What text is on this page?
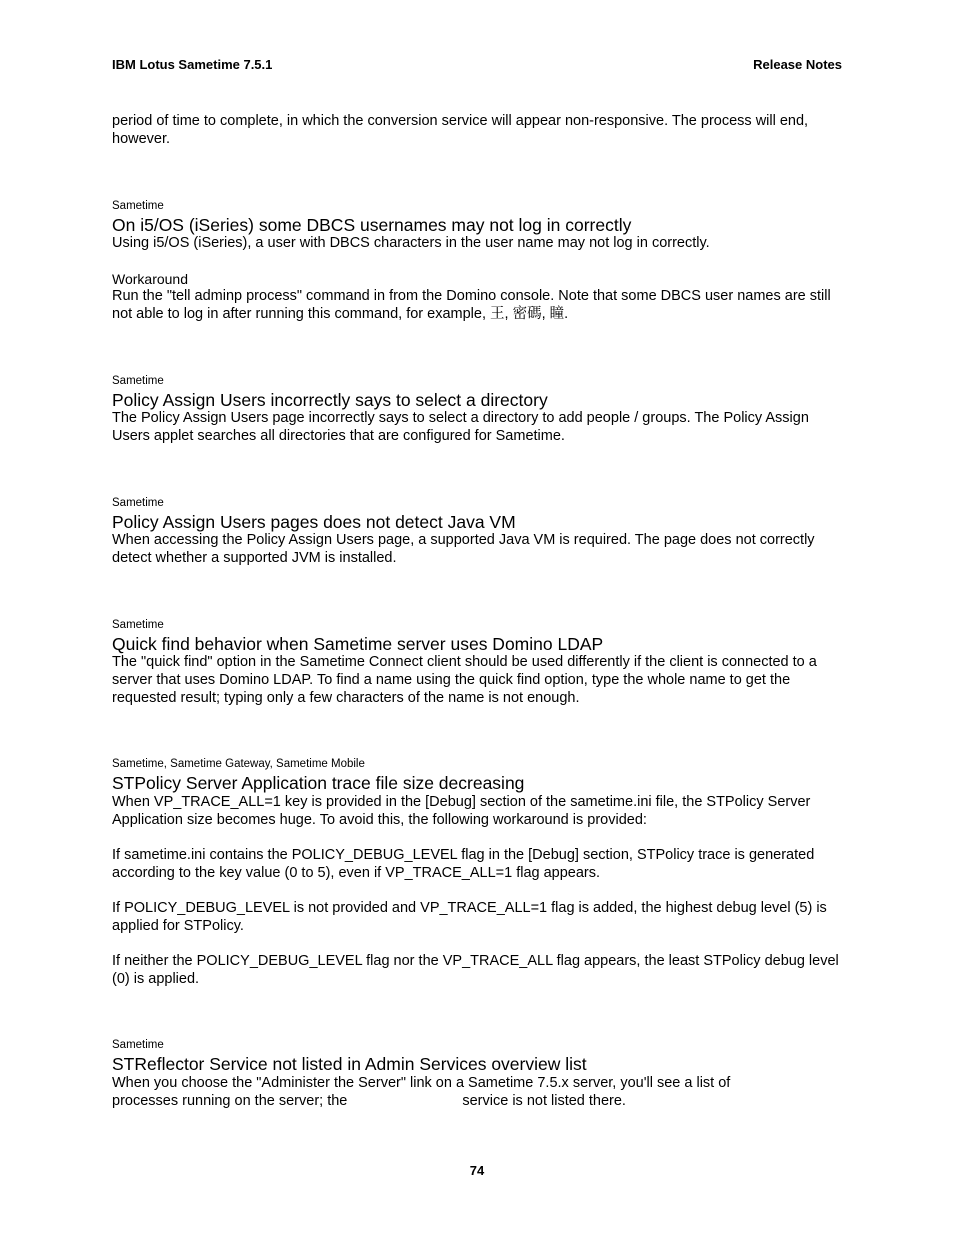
IBM Lotus Sametime 7.5.1	Release Notes

period of time to complete, in which the conversion service will appear non-responsive. The process will end, however.

Sametime
On i5/OS (iSeries) some DBCS usernames may not log in correctly

Using i5/OS (iSeries), a user with DBCS characters in the user name may not log in correctly.

Workaround

Run the "tell adminp process" command in from the Domino console. Note that some DBCS user names are still not able to log in after running this command, for example, 王, 密碼, 瞳.

Sametime
Policy Assign Users incorrectly says to select a directory

The Policy Assign Users page incorrectly says to select a directory to add people / groups. The Policy Assign Users applet searches all directories that are configured for Sametime.

Sametime
Policy Assign Users pages does not detect Java VM

When accessing the Policy Assign Users page, a supported Java VM is required. The page does not correctly detect whether a supported JVM is installed.

Sametime
Quick find behavior when Sametime server uses Domino LDAP

The "quick find" option in the Sametime Connect client should be used differently if the client is connected to a server that uses Domino LDAP. To find a name using the quick find option, type the whole name to get the requested result; typing only a few characters of the name is not enough.

Sametime, Sametime Gateway, Sametime Mobile
STPolicy Server Application trace file size decreasing

When VP_TRACE_ALL=1 key is provided in the [Debug] section of the sametime.ini file, the STPolicy Server Application size becomes huge. To avoid this, the following workaround is provided:

If sametime.ini contains the POLICY_DEBUG_LEVEL flag in the [Debug] section, STPolicy trace is generated according to the key value (0 to 5), even if VP_TRACE_ALL=1 flag appears.

If POLICY_DEBUG_LEVEL is not provided and VP_TRACE_ALL=1 flag is added, the highest debug level (5) is applied for STPolicy.

If neither the POLICY_DEBUG_LEVEL flag nor the VP_TRACE_ALL flag appears, the least STPolicy debug level (0) is applied.

Sametime
STReflector Service not listed in Admin Services overview list

When you choose the "Administer the Server" link on a Sametime 7.5.x server, you'll see a list of
processes running on the server; the	service is not listed there.

74
